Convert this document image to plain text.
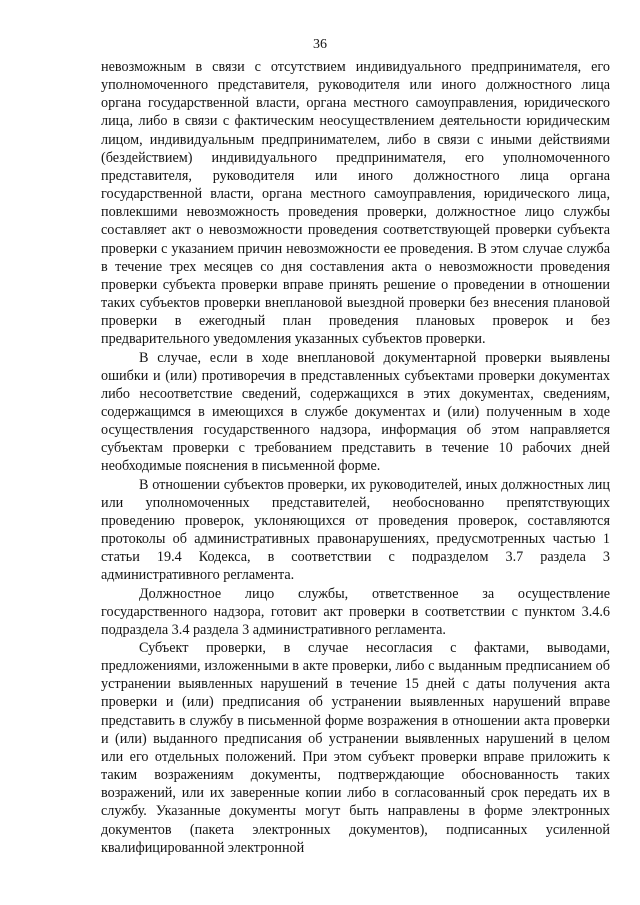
36

невозможным в связи с отсутствием индивидуального предпринимателя, его уполномоченного представителя, руководителя или иного должностного лица органа государственной власти, органа местного самоуправления, юридического лица, либо в связи с фактическим неосуществлением деятельности юридическим лицом, индивидуальным предпринимателем, либо в связи с иными действиями (бездействием) индивидуального предпринимателя, его уполномоченного представителя, руководителя или иного должностного лица органа государственной власти, органа местного самоуправления, юридического лица, повлекшими невозможность проведения проверки, должностное лицо службы составляет акт о невозможности проведения соответствующей проверки субъекта проверки с указанием причин невозможности ее проведения. В этом случае служба в течение трех месяцев со дня составления акта о невозможности проведения проверки субъекта проверки вправе принять решение о проведении в отношении таких субъектов проверки внеплановой выездной проверки без внесения плановой проверки в ежегодный план проведения плановых проверок и без предварительного уведомления указанных субъектов проверки.

В случае, если в ходе внеплановой документарной проверки выявлены ошибки и (или) противоречия в представленных субъектами проверки документах либо несоответствие сведений, содержащихся в этих документах, сведениям, содержащимся в имеющихся в службе документах и (или) полученным в ходе осуществления государственного надзора, информация об этом направляется субъектам проверки с требованием представить в течение 10 рабочих дней необходимые пояснения в письменной форме.

В отношении субъектов проверки, их руководителей, иных должностных лиц или уполномоченных представителей, необоснованно препятствующих проведению проверок, уклоняющихся от проведения проверок, составляются протоколы об административных правонарушениях, предусмотренных частью 1 статьи 19.4 Кодекса, в соответствии с подразделом 3.7 раздела 3 административного регламента.

Должностное лицо службы, ответственное за осуществление государственного надзора, готовит акт проверки в соответствии с пунктом 3.4.6 подраздела 3.4 раздела 3 административного регламента.

Субъект проверки, в случае несогласия с фактами, выводами, предложениями, изложенными в акте проверки, либо с выданным предписанием об устранении выявленных нарушений в течение 15 дней с даты получения акта проверки и (или) предписания об устранении выявленных нарушений вправе представить в службу в письменной форме возражения в отношении акта проверки и (или) выданного предписания об устранении выявленных нарушений в целом или его отдельных положений. При этом субъект проверки вправе приложить к таким возражениям документы, подтверждающие обоснованность таких возражений, или их заверенные копии либо в согласованный срок передать их в службу. Указанные документы могут быть направлены в форме электронных документов (пакета электронных документов), подписанных усиленной квалифицированной электронной
